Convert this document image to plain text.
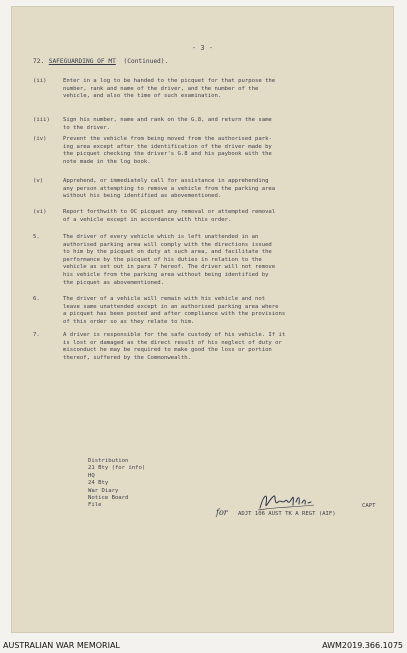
- 3 -
72. SAFEGUARDING OF MT (Continued).
(ii)	Enter in a log to be handed to the picquet for that purpose the
number, rank and name of the driver, and the number of the
vehicle, and also the time of such examination.
(iii) Sign his number, name and rank on the G.8, and return the same
to the driver.
(iv)	Prevent the vehicle from being moved from the authorised park-
ing area except after the identification of the driver made by
the picquet checking the driver's G.8 and his paybook with the
note made in the log book.
(v)	Apprehend, or immediately call for assistance in apprehending
any person attempting to remove a vehicle from the parking area
without his being identified as abovementioned.
(vi)	Report forthwith to OC picquet any removal or attempted removal
of a vehicle except in accordance with this order.
5.	The driver of every vehicle which is left unattended in an
authorised parking area will comply with the directions issued
to him by the picquet on duty at such area, and facilitate the
performance by the picquet of his duties in relation to the
vehicle as set out in para 7 hereof. The driver will not remove
his vehicle from the parking area without being identified by
the picquet as abovementioned.
6.	The driver of a vehicle will remain with his vehicle and not
leave same unattended except in an authorised parking area where
a picquet has been posted and after compliance with the provisions
of this order so as they relate to him.
7.	A driver is responsible for the safe custody of his vehicle. If it
is lost or damaged as the direct result of his neglect of duty or
misconduct he may be required to make good the loss or portion
thereof, suffered by the Commonwealth.
Distribution
21 Bty (for info)
HQ
24 Bty
War Diary
Notice Board
File	CAPT
for ADJT 106 AUST TK A REGT (AIF)
AUSTRALIAN WAR MEMORIAL	AWM2019.366.1075
